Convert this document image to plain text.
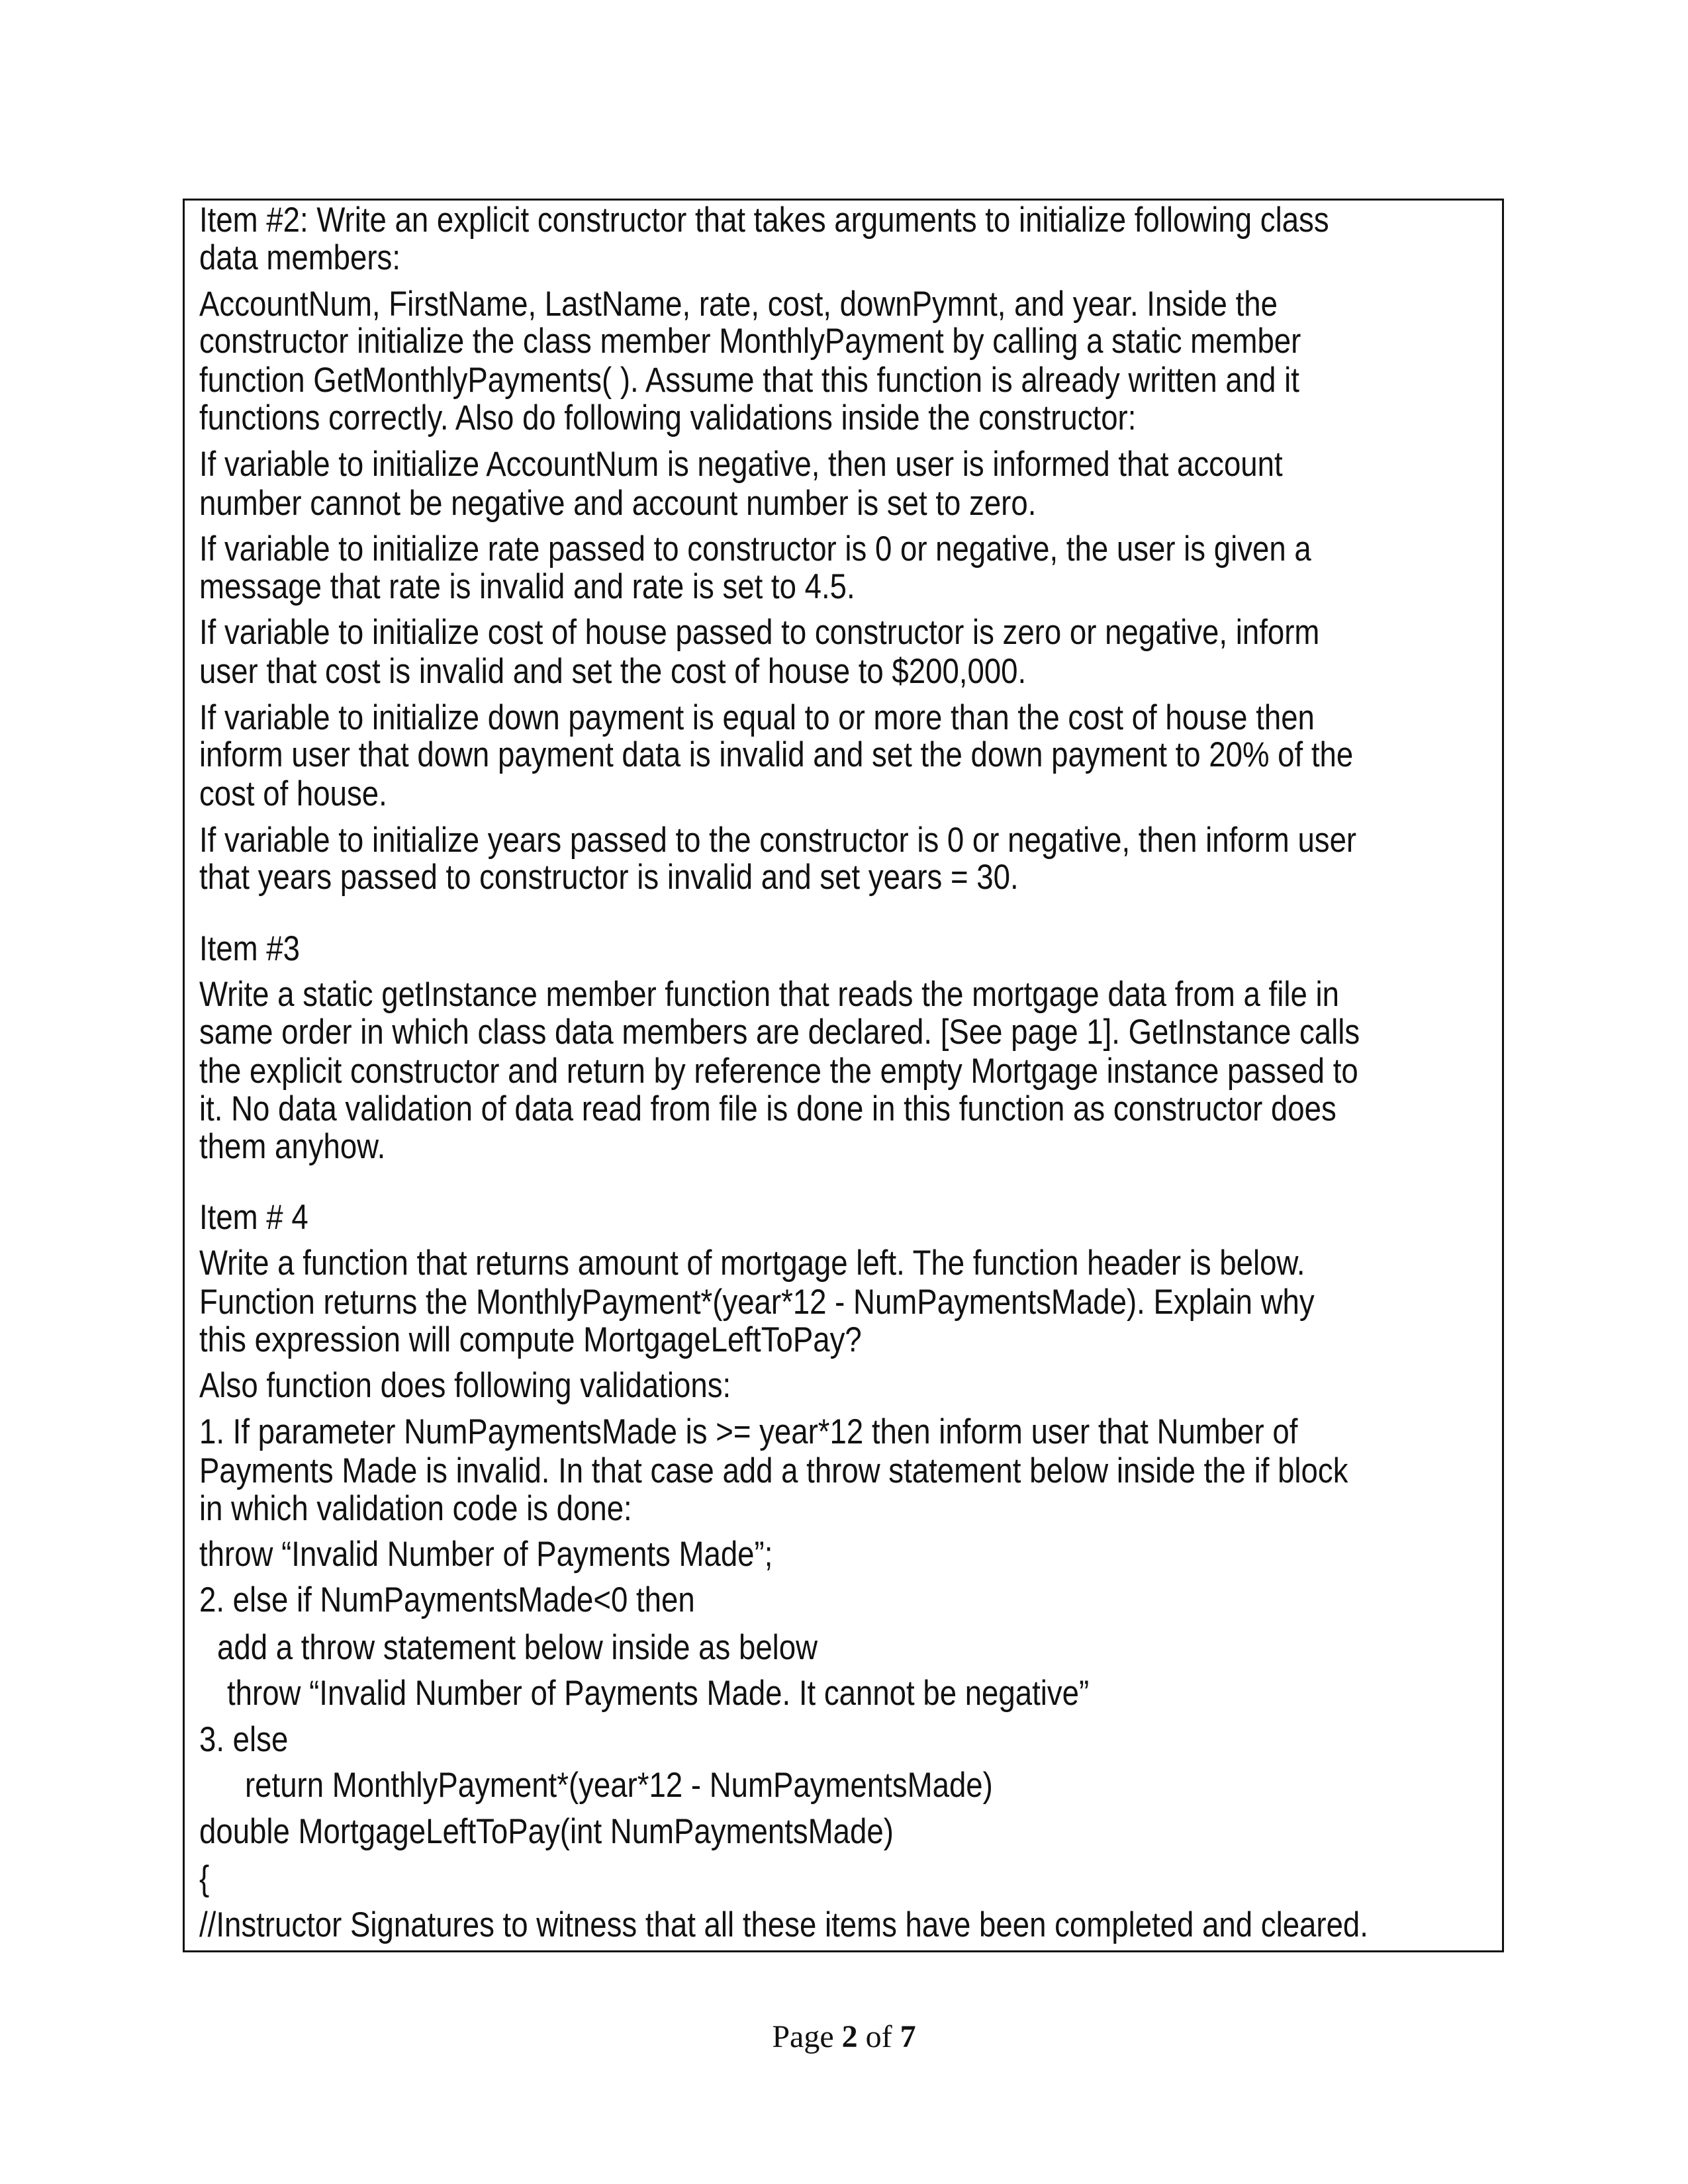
Item #2: Write an explicit constructor that takes arguments to initialize following class
data members:
AccountNum, FirstName, LastName, rate, cost, downPymnt, and year. Inside the
constructor initialize the class member MonthlyPayment by calling a static member
function GetMonthlyPayments( ). Assume that this function is already written and it
functions correctly. Also do following validations inside the constructor:
If variable to initialize AccountNum is negative, then user is informed that account
number cannot be negative and account number is set to zero.
If variable to initialize rate passed to constructor is 0 or negative, the user is given a
message that rate is invalid and rate is set to 4.5.
If variable to initialize cost of house passed to constructor is zero or negative, inform
user that cost is invalid and set the cost of house to $200,000.
If variable to initialize down payment is equal to or more than the cost of house then
inform user that down payment data is invalid and set the down payment to 20% of the
cost of house.
If variable to initialize years passed to the constructor is 0 or negative, then inform user
that years passed to constructor is invalid and set years = 30.
Item #3
Write a static getInstance member function that reads the mortgage data from a file in
same order in which class data members are declared. [See page 1]. GetInstance calls
the explicit constructor and return by reference the empty Mortgage instance passed to
it. No data validation of data read from file is done in this function as constructor does
them anyhow.
Item # 4
Write a function that returns amount of mortgage left. The function header is below.
Function returns the MonthlyPayment*(year*12 - NumPaymentsMade). Explain why
this expression will compute MortgageLeftToPay?
Also function does following validations:
1. If parameter NumPaymentsMade is >= year*12 then inform user that Number of
Payments Made is invalid. In that case add a throw statement below inside the if block
in which validation code is done:
throw “Invalid Number of Payments Made”;
2. else if NumPaymentsMade<0 then
add a throw statement below inside as below
throw “Invalid Number of Payments Made. It cannot be negative”
3. else
return MonthlyPayment*(year*12 - NumPaymentsMade)
double MortgageLeftToPay(int NumPaymentsMade)
{
//Instructor Signatures to witness that all these items have been completed and cleared.
Page 2 of 7
